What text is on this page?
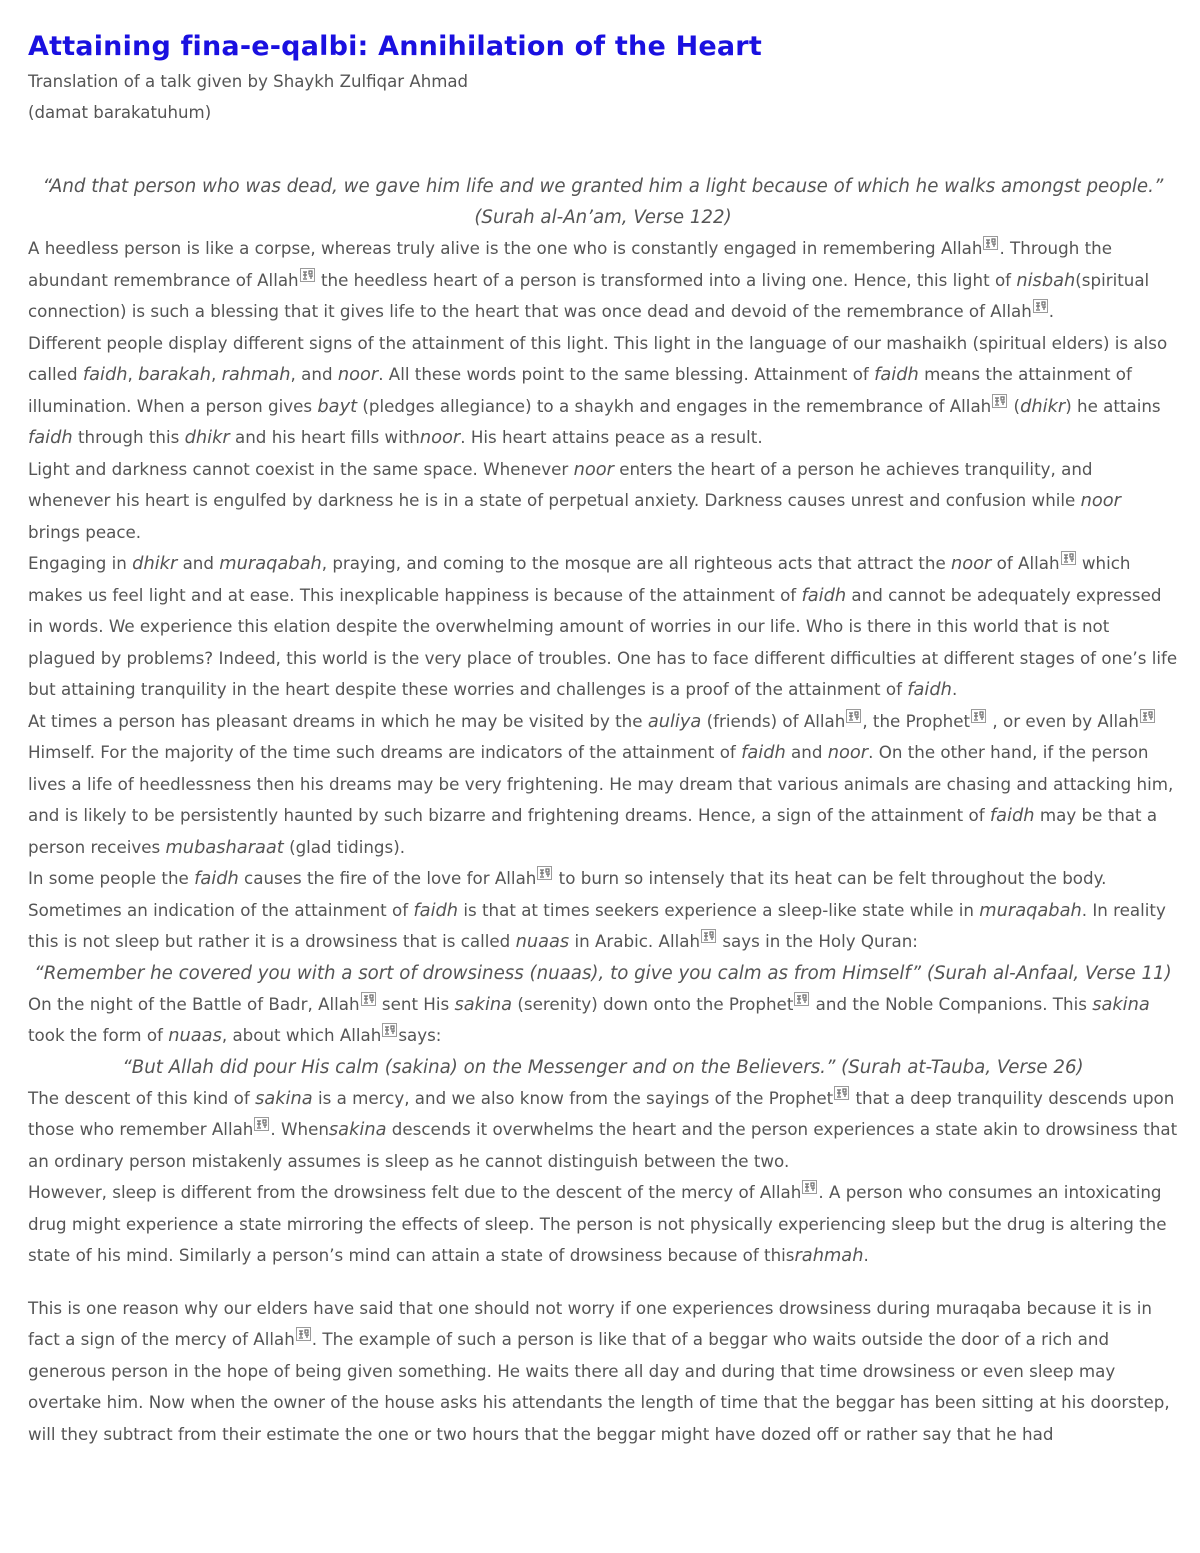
Attaining fina-e-qalbi: Annihilation of the Heart
Translation of a talk given by Shaykh Zulfiqar Ahmad
(damat barakatuhum)
“And that person who was dead, we gave him life and we granted him a light because of which he walks amongst people.” (Surah al-An’am, Verse 122)
A heedless person is like a corpse, whereas truly alive is the one who is constantly engaged in remembering Allah . Through the abundant remembrance of Allah
the heedless heart of a person is transformed into a living one. Hence, this light of nisbah(spiritual connection) is such a blessing that it gives life to the heart that was once dead and devoid of the remembrance of Allah .
Different people display different signs of the attainment of this light. This light in the language of our mashaikh (spiritual elders) is also called faidh, barakah, rahmah, and noor. All these words point to the same blessing. Attainment of faidh means the attainment of illumination. When a person gives bayt (pledges allegiance) to a shaykh and engages in the remembrance of Allah
(dhikr) he attains faidh through this dhikr and his heart fills withnoor. His heart attains peace as a result.
Light and darkness cannot coexist in the same space. Whenever noor enters the heart of a person he achieves tranquility, and whenever his heart is engulfed by darkness he is in a state of perpetual anxiety. Darkness causes unrest and confusion while noor brings peace.
Engaging in dhikr and muraqabah, praying, and coming to the mosque are all righteous acts that attract the noor of Allah
which makes us feel light and at ease. This inexplicable happiness is because of the attainment of faidh and cannot be adequately expressed in words. We experience this elation despite the overwhelming amount of worries in our life. Who is there in this world that is not plagued by problems? Indeed, this world is the very place of troubles. One has to face different difficulties at different stages of one’s life but attaining tranquility in the heart despite these worries and challenges is a proof of the attainment of faidh.
At times a person has pleasant dreams in which he may be visited by the auliya (friends) of Allah , the Prophet
, or even by Allah
Himself. For the majority of the time such dreams are indicators of the attainment of faidh and noor. On the other hand, if the person lives a life of heedlessness then his dreams may be very frightening. He may dream that various animals are chasing and attacking him, and is likely to be persistently haunted by such bizarre and frightening dreams. Hence, a sign of the attainment of faidh may be that a person receives mubasharaat (glad tidings).
In some people the faidh causes the fire of the love for Allah
to burn so intensely that its heat can be felt throughout the body. Sometimes an indication of the attainment of faidh is that at times seekers experience a sleep-like state while in muraqabah. In reality this is not sleep but rather it is a drowsiness that is called nuaas in Arabic. Allah
says in the Holy Quran:
“Remember he covered you with a sort of drowsiness (nuaas), to give you calm as from Himself” (Surah al-Anfaal, Verse 11)
On the night of the Battle of Badr, Allah
sent His sakina (serenity) down onto the Prophet
and the Noble Companions. This sakina took the form of nuaas, about which Allah says:
“But Allah did pour His calm (sakina) on the Messenger and on the Believers.” (Surah at-Tauba, Verse 26)
The descent of this kind of sakina is a mercy, and we also know from the sayings of the Prophet
that a deep tranquility descends upon those who remember Allah . Whensakina descends it overwhelms the heart and the person experiences a state akin to drowsiness that an ordinary person mistakenly assumes is sleep as he cannot distinguish between the two.
However, sleep is different from the drowsiness felt due to the descent of the mercy of Allah . A person who consumes an intoxicating drug might experience a state mirroring the effects of sleep. The person is not physically experiencing sleep but the drug is altering the state of his mind. Similarly a person’s mind can attain a state of drowsiness because of thisrahmah.
This is one reason why our elders have said that one should not worry if one experiences drowsiness during muraqaba because it is in fact a sign of the mercy of Allah . The example of such a person is like that of a beggar who waits outside the door of a rich and generous person in the hope of being given something. He waits there all day and during that time drowsiness or even sleep may overtake him. Now when the owner of the house asks his attendants the length of time that the beggar has been sitting at his doorstep, will they subtract from their estimate the one or two hours that the beggar might have dozed off or rather say that he had
